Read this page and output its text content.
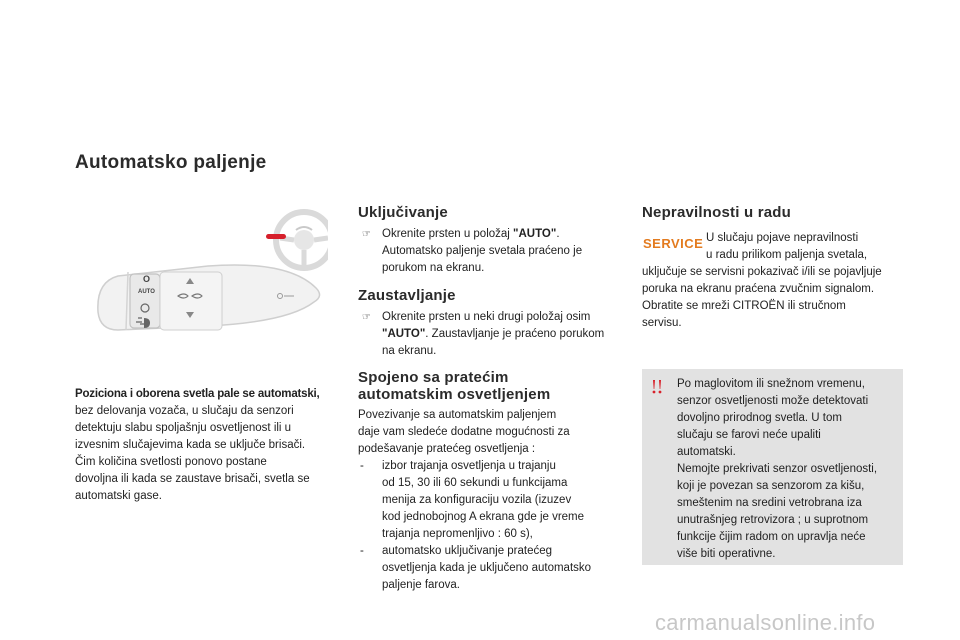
Automatsko paljenje
O
AUTO
Poziciona i oborena svetla pale se automatski,
bez delovanja vozača, u slučaju da senzori
detektuju slabu spoljašnju osvetljenost ili u
izvesnim slučajevima kada se uključe brisači.
Čim količina svetlosti ponovo postane
dovoljna ili kada se zaustave brisači, svetla se
automatski gase.
Uključivanje
☞ Okrenite prsten u položaj "AUTO".
Automatsko paljenje svetala praćeno je
porukom na ekranu.
Zaustavljanje
☞ Okrenite prsten u neki drugi položaj osim
"AUTO". Zaustavljanje je praćeno porukom
na ekranu.
Spojeno sa pratećim
automatskim osvetljenjem
Povezivanje sa automatskim paljenjem
daje vam sledeće dodatne mogućnosti za
podešavanje pratećeg osvetljenja :
- izbor trajanja osvetljenja u trajanju
od 15, 30 ili 60 sekundi u funkcijama
menija za konfiguraciju vozila (izuzev
kod jednobojnog A ekrana gde je vreme
trajanja nepromenljivo : 60 s),
- automatsko uključivanje pratećeg
osvetljenja kada je uključeno automatsko
paljenje farova.
Nepravilnosti u radu
SERVICE U slučaju pojave nepravilnosti
u radu prilikom paljenja svetala,
uključuje se servisni pokazivač i/ili se pojavljuje
poruka na ekranu praćena zvučnim signalom.
Obratite se mreži CITROËN ili stručnom
servisu.
Po maglovitom ili snežnom vremenu,
senzor osvetljenosti može detektovati
dovoljno prirodnog svetla. U tom
slučaju se farovi neće upaliti
automatski.
Nemojte prekrivati senzor osvetljenosti,
koji je povezan sa senzorom za kišu,
smeštenim na sredini vetrobrana iza
unutrašnjeg retrovizora ; u suprotnom
funkcije čijim radom on upravlja neće
više biti operativne.
carmanualsonline.info
